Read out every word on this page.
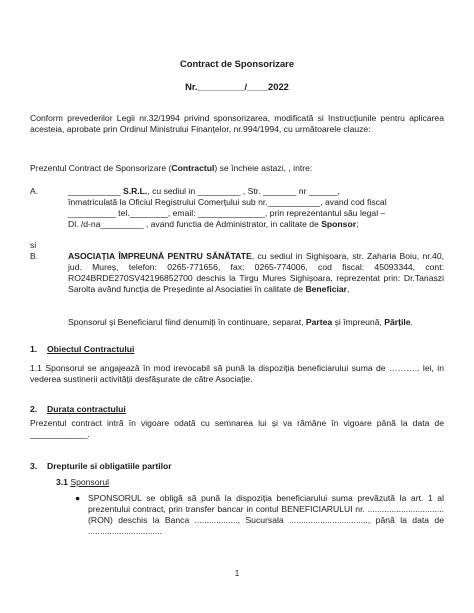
Contract de Sponsorizare
Nr._________/____2022
Conform prevederilor Legii nr.32/1994 privind sponsorizarea, modificată si Instrucțiunile pentru aplicarea acesteia, aprobate prin Ordinul Ministrului Finanțelor, nr.994/1994, cu următoarele clauze:
Prezentul Contract de Sponsorizare (Contractul) se încheie astazi, , intre:
A.	___________ S.R.L., cu sediul in _________ , Str. _______ nr ______,
înmatriculată la Oficiul Registrului Comerțului sub nr.___________, avand cod fiscal
__________ tel.________, email: ______________, prin reprezentantul său legal –
Dl. /d-na_________ , avand functia de Administrator, in calitate de Sponsor;
si
B.	ASOCIAȚIA ÎMPREUNĂ PENTRU SĂNĂTATE, cu sediul in Sighișoara, str. Zaharia Boiu, nr.40, jud. Mureș, telefon: 0265-771656, fax: 0265-774006, cod fiscal: 45093344, cont: RO24BRDE270SV42196852700 deschis la Tirgu Mures Sighișoara, reprezentat prin: Dr.Tanaszi Sarolta având funcția de Președinte al Asociatiei în calitate de Beneficiar,
Sponsorul și Beneficiarul fiind denumiți în continuare, separat, Partea și împreună, Părțile.
1. Obiectul Contractului
1.1 Sponsorul se angajează în mod irevocabil să pună la dispoziția beneficiarului suma de ……….. lei, in vederea sustinerii activității desfășurate de către Asociație.
2. Durata contractului
Prezentul contract intră în vigoare odată cu semnarea lui și va rămâne în vigoare până la data de ____________.
3. Drepturile si obligatiile partilor
3.1 Sponsorul
● SPONSORUL se obligă să pună la dispoziția beneficiarului suma prevăzută la art. 1 al prezentului contract, prin transfer bancar in contul BENEFICIARULUI nr. ................................ (RON) deschis la Banca .................., Sucursala ................................., până la data de ...............................
1
